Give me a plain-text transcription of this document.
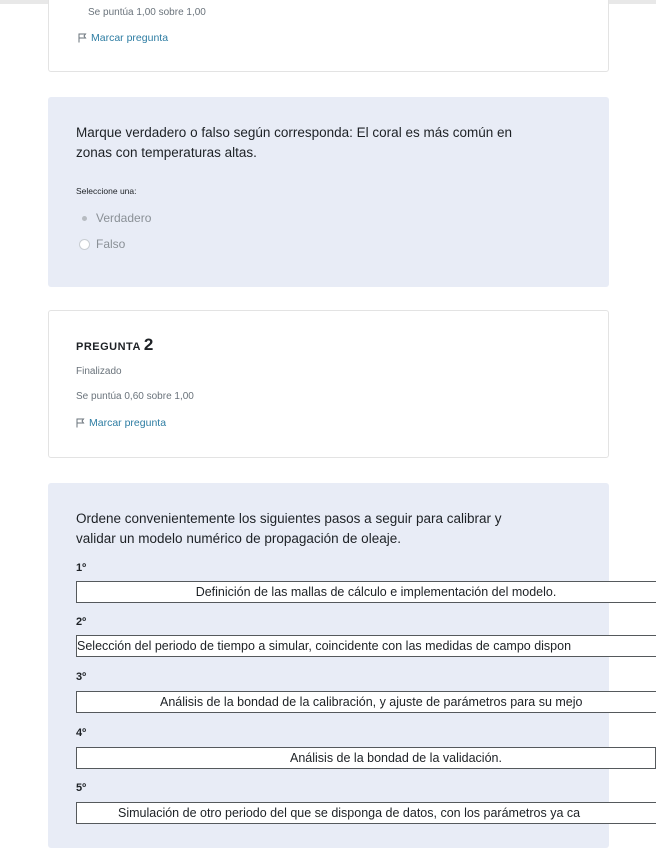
Se puntúa 1,00 sobre 1,00
Marcar pregunta
Marque verdadero o falso según corresponda: El coral es más común en
zonas con temperaturas altas.
Seleccione una:
Verdadero
Falso
PREGUNTA 2
Finalizado
Se puntúa 0,60 sobre 1,00
Marcar pregunta
Ordene convenientemente los siguientes pasos a seguir para calibrar y
validar un modelo numérico de propagación de oleaje.
1º
Definición de las mallas de cálculo e implementación del modelo.
2º
Selección del periodo de tiempo a simular, coincidente con las medidas de campo dispon
3º
Análisis de la bondad de la calibración, y ajuste de parámetros para su mejo
4º
Análisis de la bondad de la validación.
5º
Simulación de otro periodo del que se disponga de datos, con los parámetros ya ca
